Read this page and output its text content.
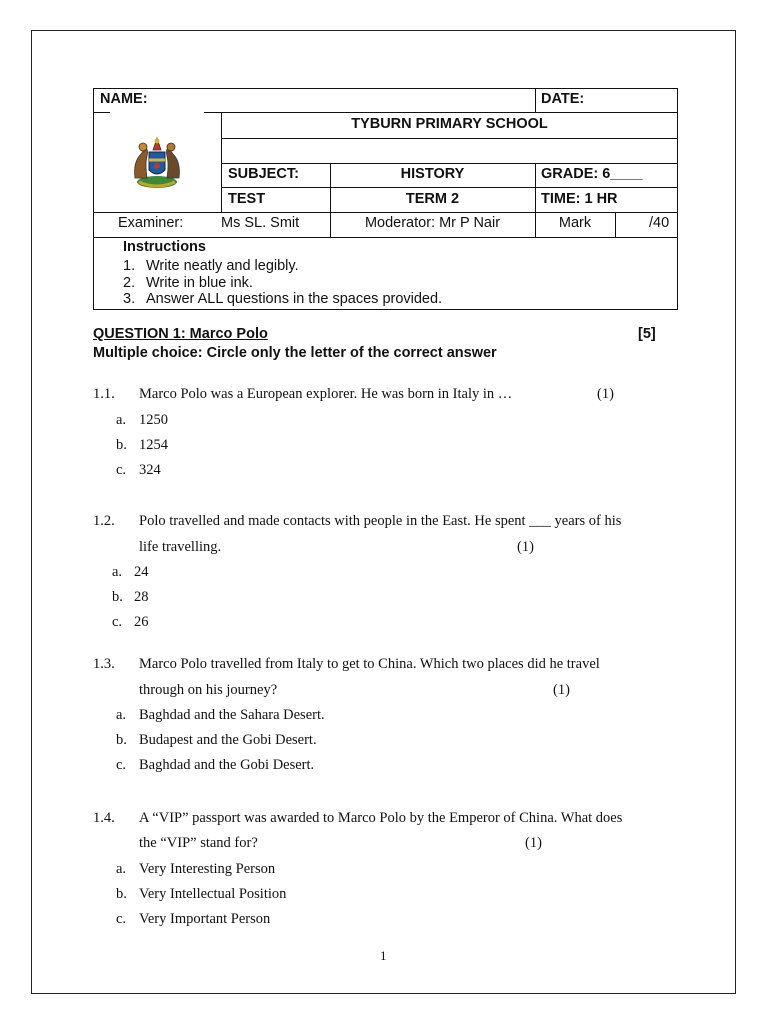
NAME:	DATE:
TYBURN PRIMARY SCHOOL
SUBJECT:	HISTORY	GRADE: 6____
TEST	TERM 2	TIME: 1 HR
Examiner:	Ms SL. Smit	Moderator: Mr P Nair	Mark	/40
Instructions
1. Write neatly and legibly.
2. Write in blue ink.
3. Answer ALL questions in the spaces provided.
QUESTION 1: Marco Polo	[5]
Multiple choice: Circle only the letter of the correct answer
1.1. Marco Polo was a European explorer. He was born in Italy in …	(1)
a. 1250
b. 1254
c. 324
1.2. Polo travelled and made contacts with people in the East. He spent ___ years of his
life travelling.	(1)
a. 24
b. 28
c. 26
1.3. Marco Polo travelled from Italy to get to China. Which two places did he travel
through on his journey?	(1)
a. Baghdad and the Sahara Desert.
b. Budapest and the Gobi Desert.
c. Baghdad and the Gobi Desert.
1.4. A “VIP” passport was awarded to Marco Polo by the Emperor of China. What does
the “VIP” stand for?	(1)
a. Very Interesting Person
b. Very Intellectual Position
c. Very Important Person
1
